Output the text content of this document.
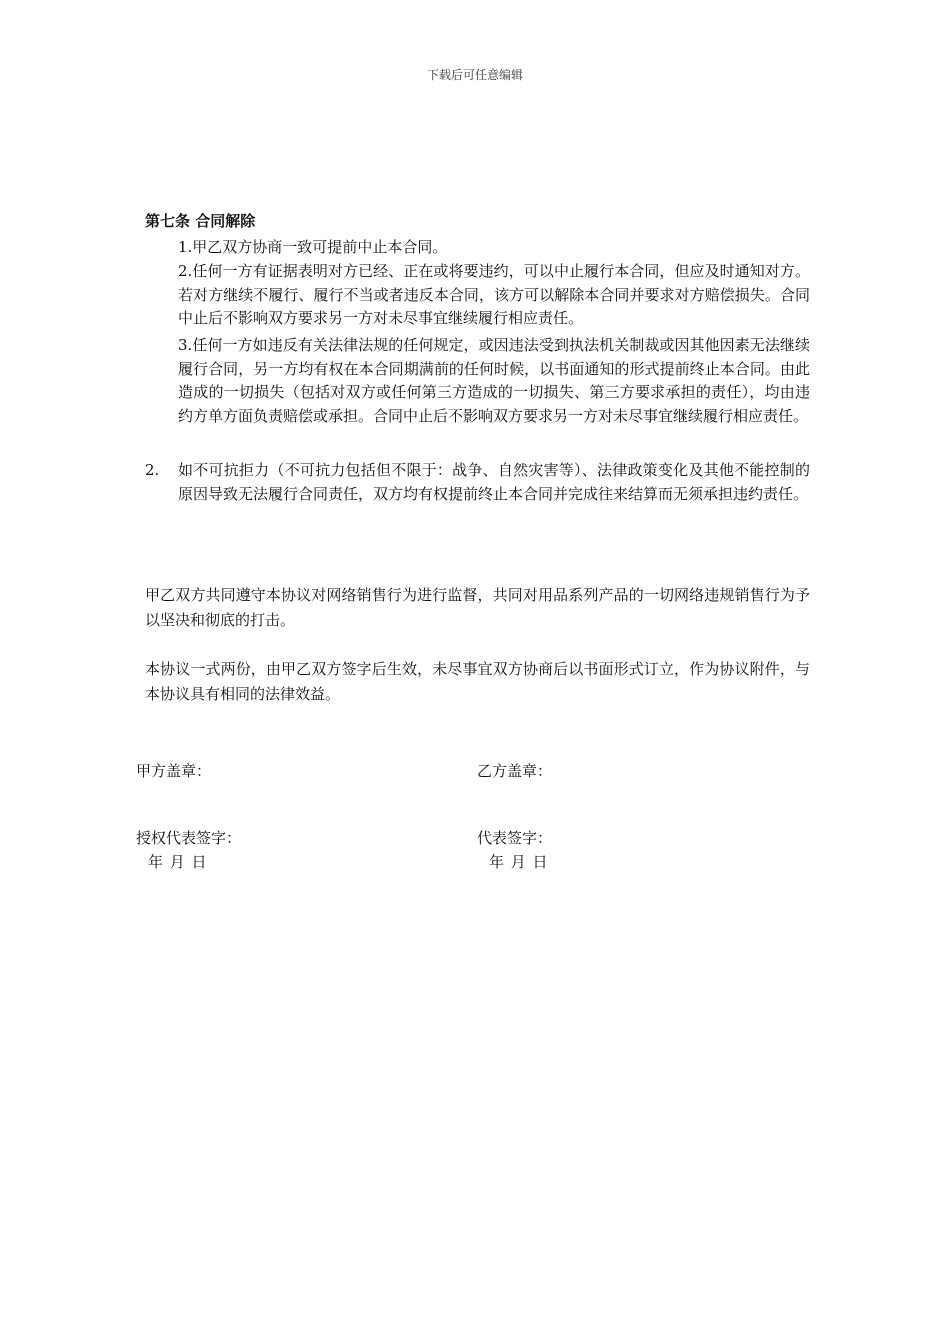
下载后可任意编辑
第七条 合同解除

1.甲乙双方协商一致可提前中止本合同。

2.任何一方有证据表明对方已经、正在或将要违约，可以中止履行本合同，但应及时通知对方。若对方继续不履行、履行不当或者违反本合同，该方可以解除本合同并要求对方赔偿损失。合同中止后不影响双方要求另一方对未尽事宜继续履行相应责任。

3.任何一方如违反有关法律法规的任何规定，或因违法受到执法机关制裁或因其他因素无法继续履行合同，另一方均有权在本合同期满前的任何时候，以书面通知的形式提前终止本合同。由此造成的一切损失（包括对双方或任何第三方造成的一切损失、第三方要求承担的责任），均由违约方单方面负责赔偿或承担。合同中止后不影响双方要求另一方对未尽事宜继续履行相应责任。

2. 如不可抗拒力（不可抗力包括但不限于：战争、自然灾害等）、法律政策变化及其他不能控制的原因导致无法履行合同责任，双方均有权提前终止本合同并完成往来结算而无须承担违约责任。

甲乙双方共同遵守本协议对网络销售行为进行监督，共同对用品系列产品的一切网络违规销售行为予以坚决和彻底的打击。

本协议一式两份，由甲乙双方签字后生效，未尽事宜双方协商后以书面形式订立，作为协议附件，与本协议具有相同的法律效益。

甲方盖章：	乙方盖章：
授权代表签字：	代表签字：
年 月 日	年 月 日
